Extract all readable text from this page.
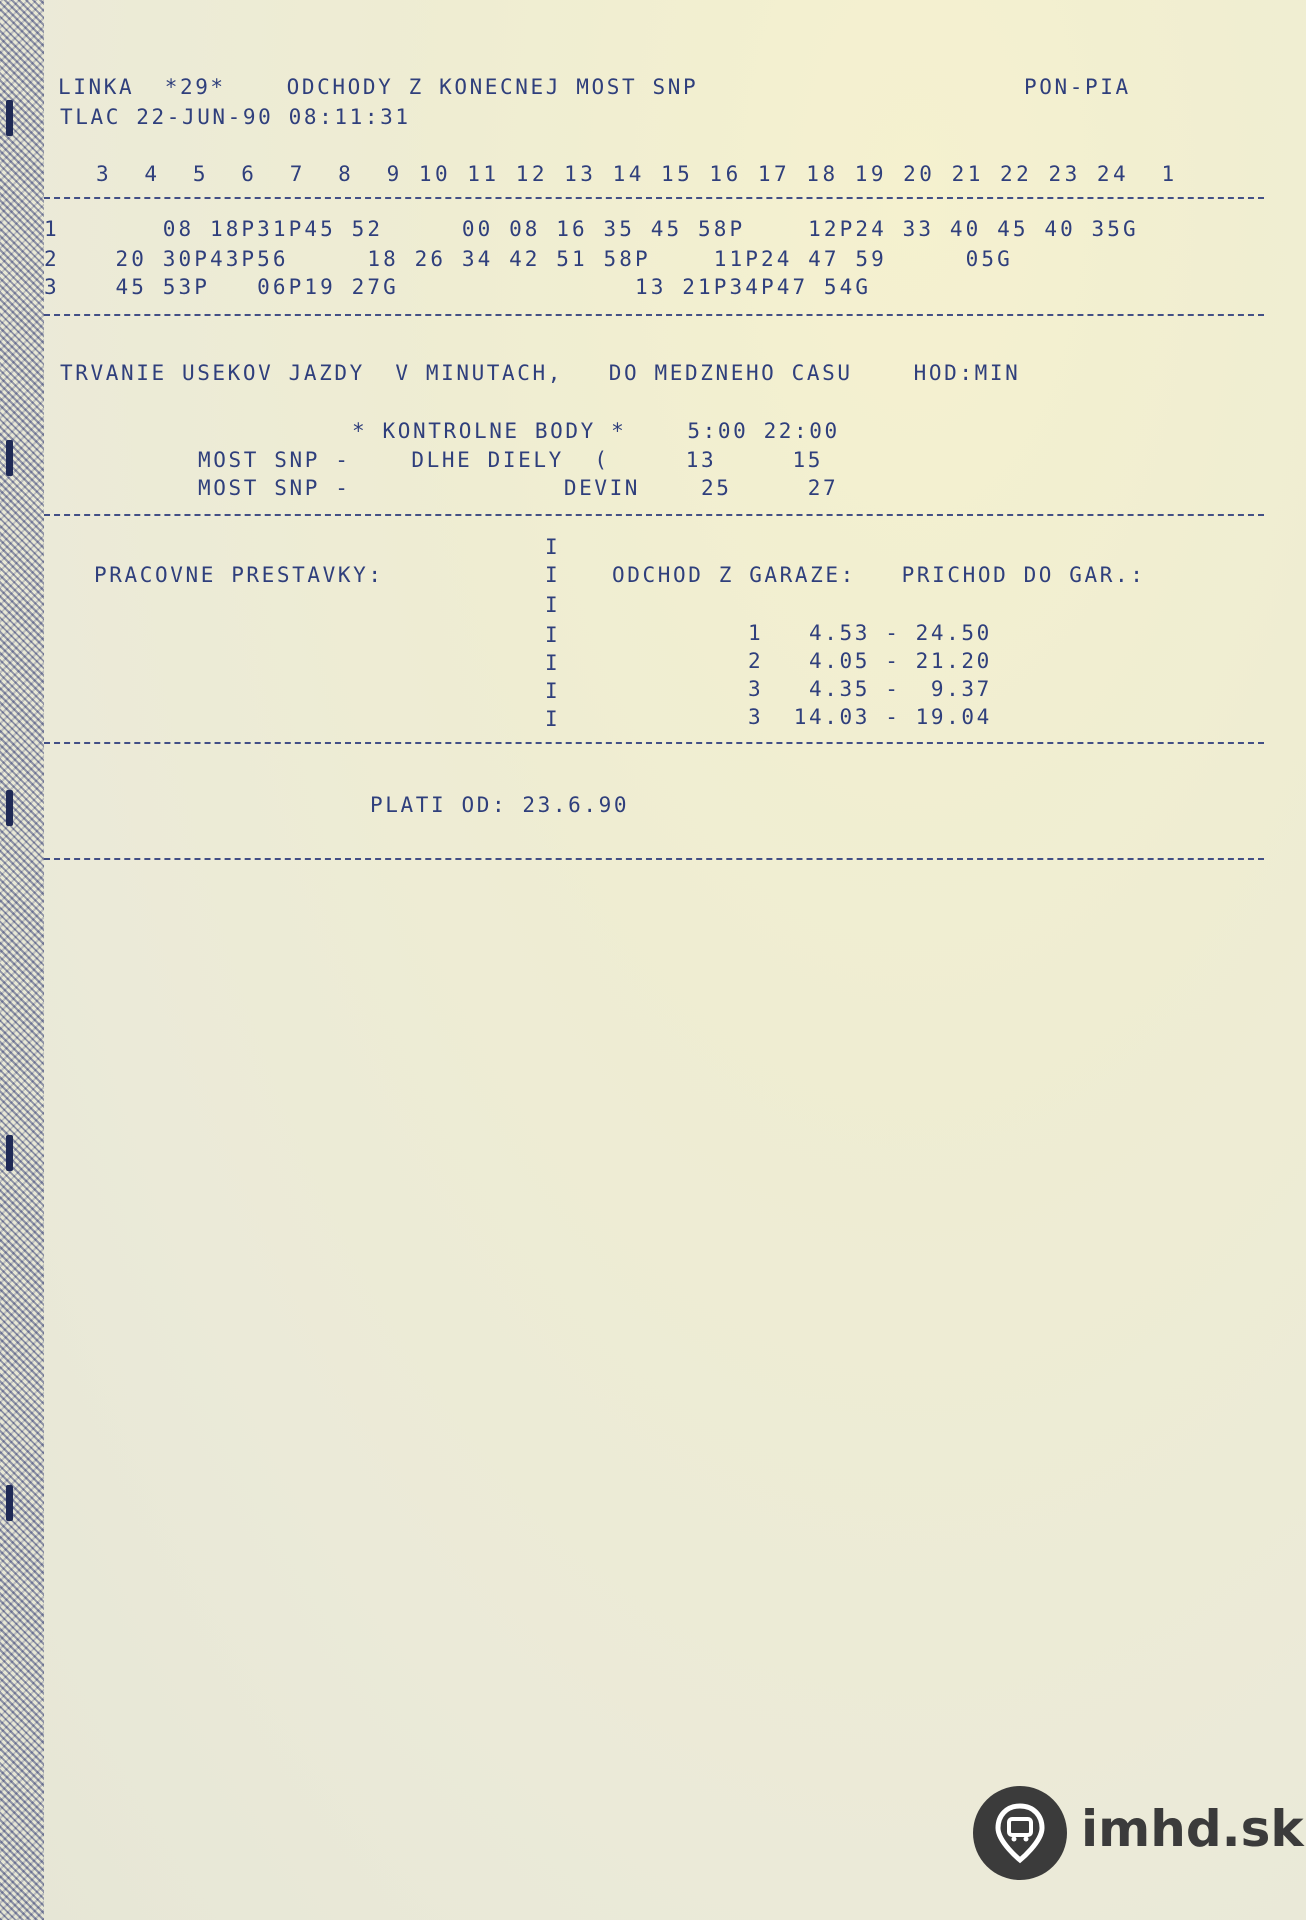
LINKA  *29*    ODCHODY Z KONECNEJ MOST SNP	PON-PIA
TLAC 22-JUN-90 08:11:31
3  4  5  6  7  8  9 10 11 12 13 14 15 16 17 18 19 20 21 22 23 24  1
1 08 18P31P45 52     00 08 16 35 45 58P    12P24 33 40 45 40 35G
2 20 30P43P56     18 26 34 42 51 58P    11P24 47 59     05G
3 45 53P   06P19 27G               13 21P34P47 54G
TRVANIE USEKOV JAZDY  V MINUTACH,   DO MEDZNEHO CASU    HOD:MIN
* KONTROLNE BODY *    5:00 22:00
MOST SNP -    DLHE DIELY  (     13     15
MOST SNP -              DEVIN    25     27
I
I
I
I
I
I
I
PRACOVNE PRESTAVKY:	ODCHOD Z GARAZE:   PRICHOD DO GAR.:
1   4.53 - 24.50
2   4.05 - 21.20
3   4.35 -  9.37
3  14.03 - 19.04
PLATI OD: 23.6.90
imhd.sk
